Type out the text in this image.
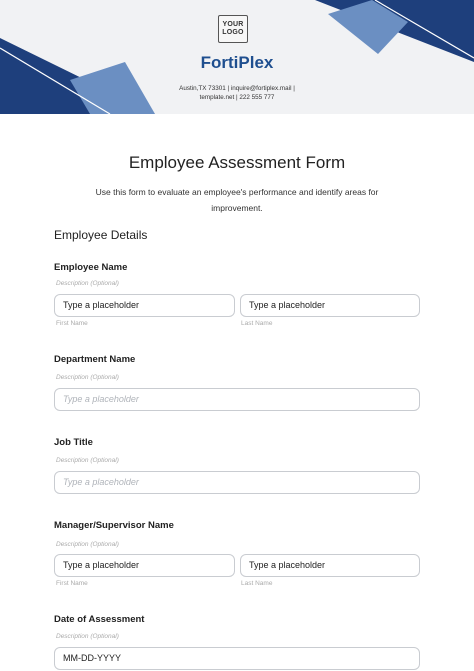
YOUR
LOGO
FortiPlex
Austin,TX 73301 | inquire@fortiplex.mail |
template.net | 222 555 777
Employee Assessment Form
Use this form to evaluate an employee's performance and identify areas for improvement.
Employee Details
Employee Name
Description (Optional)
Type a placeholder	Type a placeholder
First Name	Last Name
Department Name
Description (Optional)
Type a placeholder
Job Title
Description (Optional)
Type a placeholder
Manager/Supervisor Name
Description (Optional)
Type a placeholder	Type a placeholder
First Name	Last Name
Date of Assessment
Description (Optional)
MM-DD-YYYY
